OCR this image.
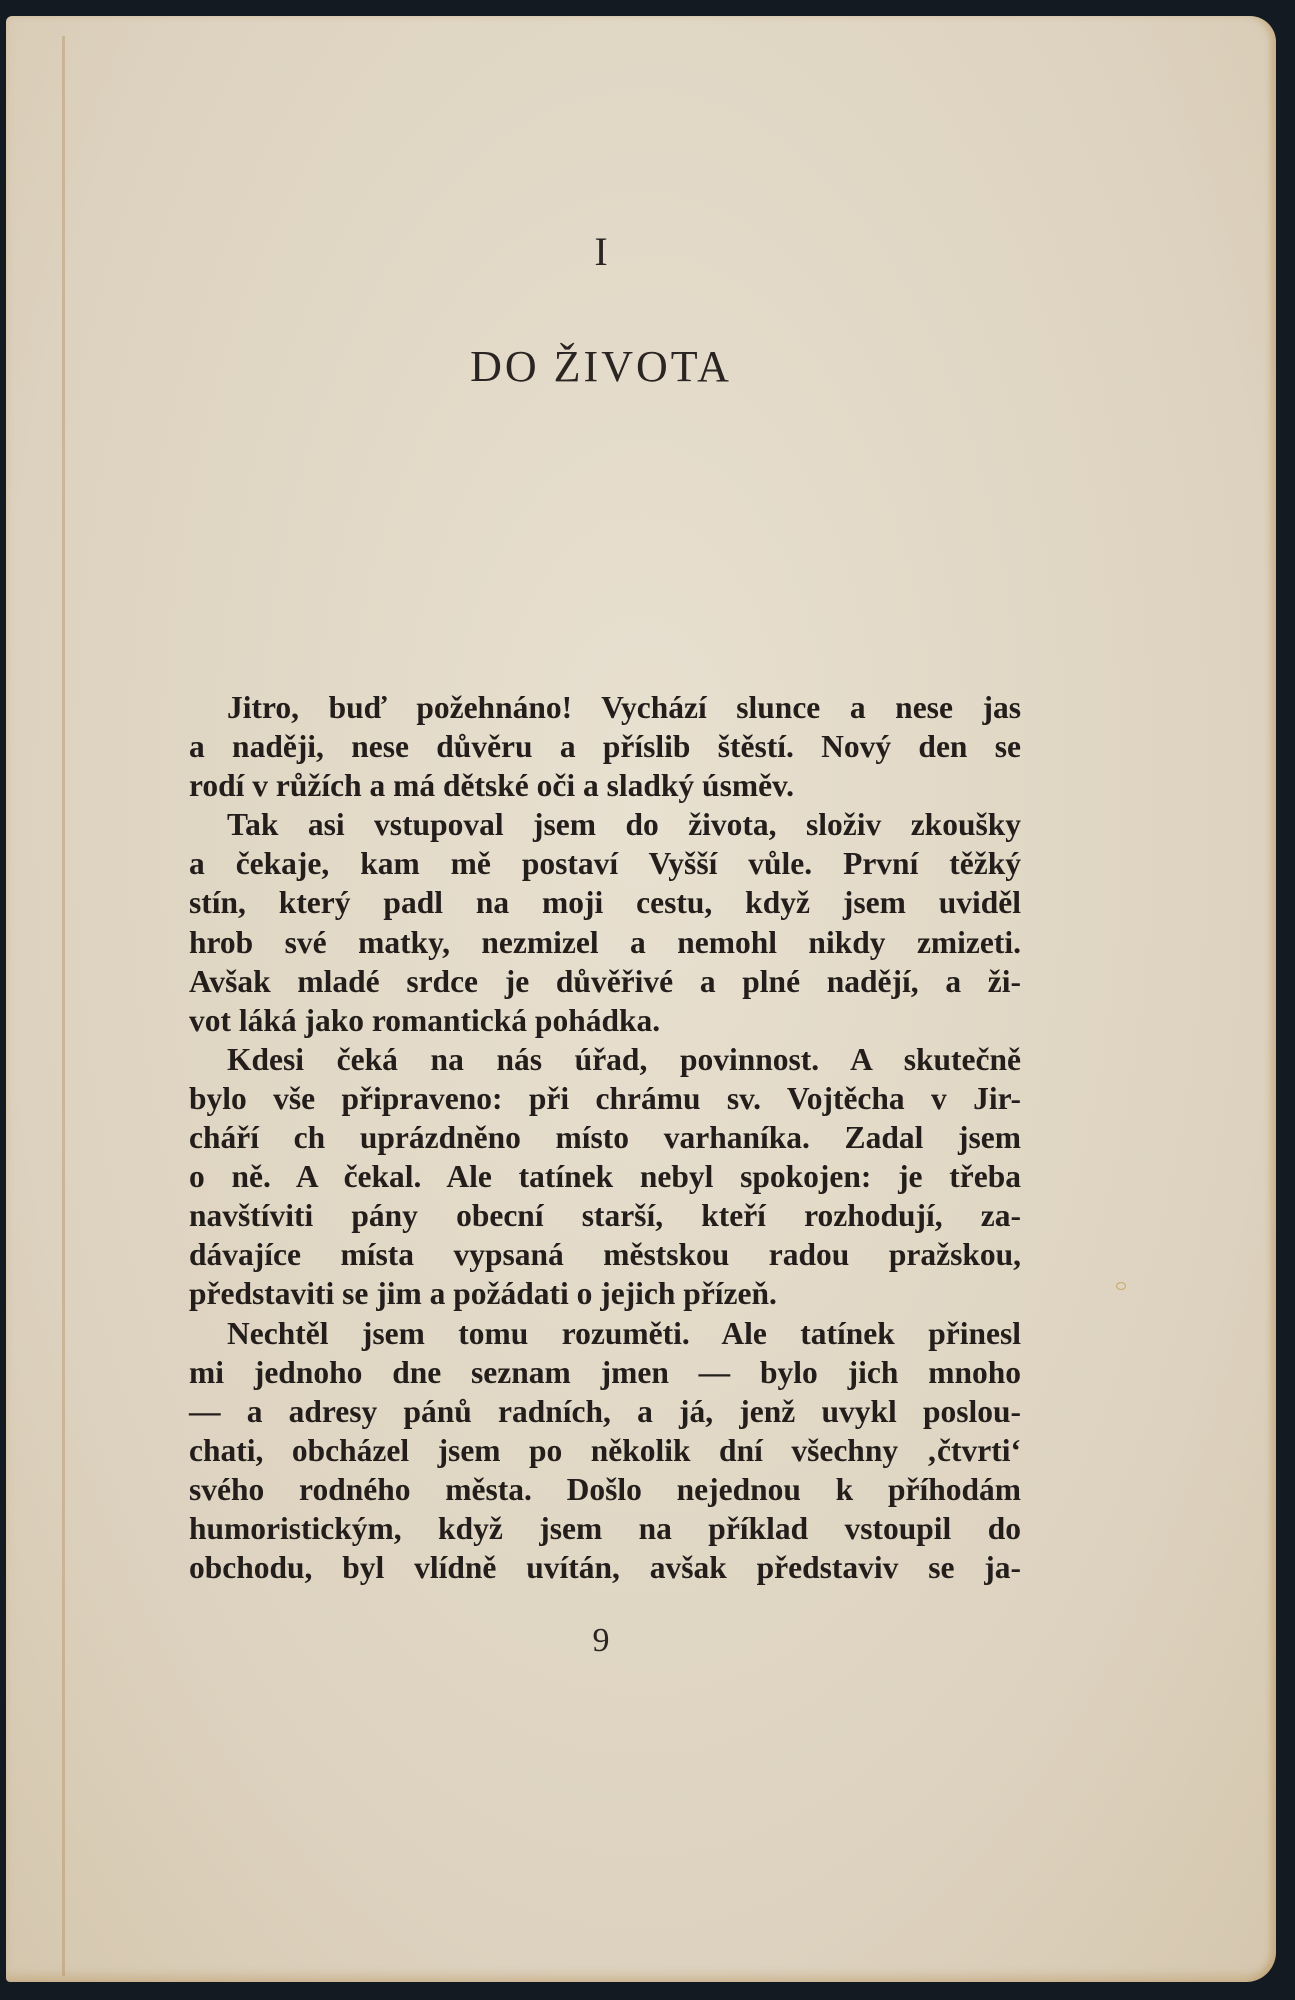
I
DO ŽIVOTA
Jitro, buď požehnáno! Vychází slunce a nese jas
a naději, nese důvěru a příslib štěstí. Nový den se
rodí v růžích a má dětské oči a sladký úsměv.
Tak asi vstupoval jsem do života, složiv zkoušky
a čekaje, kam mě postaví Vyšší vůle. První těžký
stín, který padl na moji cestu, když jsem uviděl
hrob své matky, nezmizel a nemohl nikdy zmizeti.
Avšak mladé srdce je důvěřivé a plné nadějí, a ži-
vot láká jako romantická pohádka.
Kdesi čeká na nás úřad, povinnost. A skutečně
bylo vše připraveno: při chrámu sv. Vojtěcha v Jir-
cháří ch uprázdněno místo varhaníka. Zadal jsem
o ně. A čekal. Ale tatínek nebyl spokojen: je třeba
navštíviti pány obecní starší, kteří rozhodují, za-
dávajíce místa vypsaná městskou radou pražskou,
představiti se jim a požádati o jejich přízeň.
Nechtěl jsem tomu rozuměti. Ale tatínek přinesl
mi jednoho dne seznam jmen — bylo jich mnoho
— a adresy pánů radních, a já, jenž uvykl poslou-
chati, obcházel jsem po několik dní všechny ‚čtvrti‘
svého rodného města. Došlo nejednou k příhodám
humoristickým, když jsem na příklad vstoupil do
obchodu, byl vlídně uvítán, avšak představiv se ja-
9
